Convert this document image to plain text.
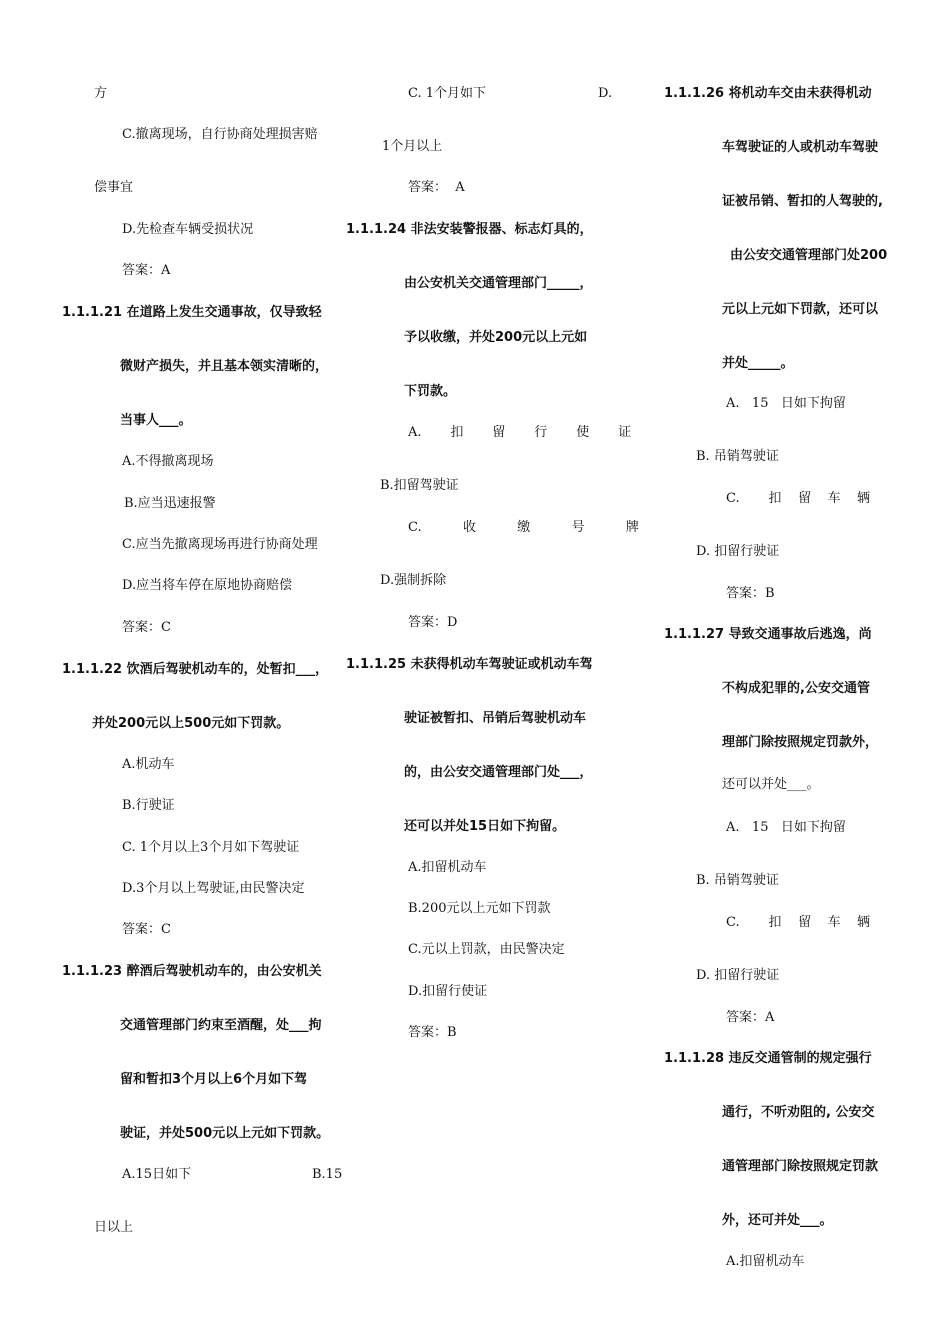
方
C.撤离现场，自行协商处理损害赔
偿事宜
D.先检查车辆受损状况
答案：A
1.1.1.21 在道路上发生交通事故，仅导致轻
微财产损失，并且基本领实清晰的，
当事人___。
A.不得撤离现场
B.应当迅速报警
C.应当先撤离现场再进行协商处理
D.应当将车停在原地协商赔偿
答案：C
1.1.1.22 饮酒后驾驶机动车的，处暂扣___，
并处200元以上500元如下罚款。
A.机动车
B.行驶证
C. 1个月以上3个月如下驾驶证
D.3个月以上驾驶证,由民警决定
答案：C
1.1.1.23 醉酒后驾驶机动车的，由公安机关
交通管理部门约束至酒醒，处___拘
留和暂扣3个月以上6个月如下驾
驶证，并处500元以上元如下罚款。
A.15日如下	B.15
日以上
C. 1个月如下	D.
1个月以上
答案：  A
1.1.1.24 非法安装警报器、标志灯具的，
由公安机关交通管理部门_____，
予以收缴，并处200元以上元如
下罚款。
A.       扣       留       行       使       证
B.扣留驾驶证
C.          收          缴          号          牌
D.强制拆除
答案：D
1.1.1.25 未获得机动车驾驶证或机动车驾
驶证被暂扣、吊销后驾驶机动车
的，由公安交通管理部门处___，
还可以并处15日如下拘留。
A.扣留机动车
B.200元以上元如下罚款
C.元以上罚款，由民警决定
D.扣留行使证
答案：B
1.1.1.26 将机动车交由未获得机动
车驾驶证的人或机动车驾驶
证被吊销、暂扣的人驾驶的,
由公安交通管理部门处200
元以上元如下罚款，还可以
并处_____。
A.   15   日如下拘留
B. 吊销驾驶证
C.       扣    留    车    辆
D. 扣留行驶证
答案：B
1.1.1.27 导致交通事故后逃逸，尚
不构成犯罪的,公安交通管
理部门除按照规定罚款外，
还可以并处___。
A.   15   日如下拘留
B. 吊销驾驶证
C.       扣    留    车    辆
D. 扣留行驶证
答案：A
1.1.1.28 违反交通管制的规定强行
通行，不听劝阻的, 公安交
通管理部门除按照规定罚款
外，还可并处___。
A.扣留机动车
